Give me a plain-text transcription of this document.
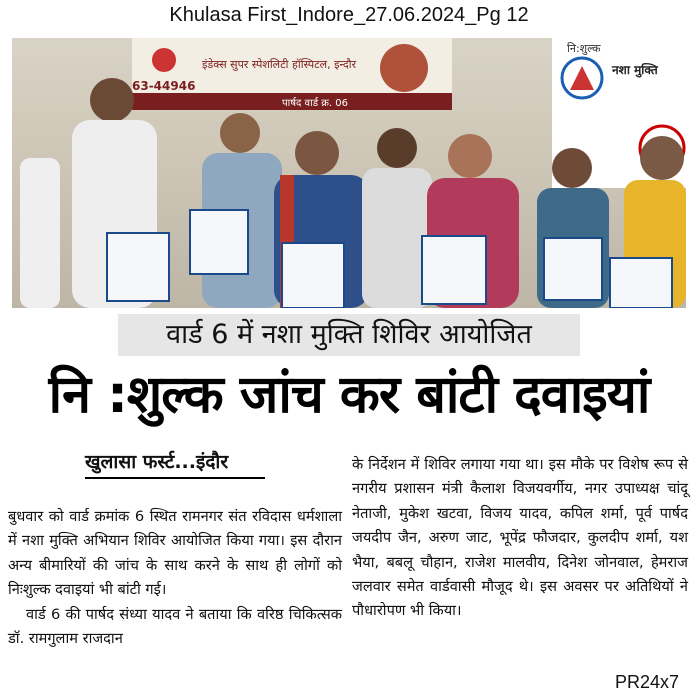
Khulasa First_Indore_27.06.2024_Pg 12
इंडेक्स सुपर स्पेशलिटी हॉस्पिटल, इन्दौर
63-44946
पार्षद वार्ड क्र. 06
नि:शुल्क
नशा मुक्ति
वार्ड 6 में नशा मुक्ति शिविर आयोजित
नि :शुल्क जांच कर बांटी दवाइयां
खुलासा फर्स्ट...इंदौर

बुधवार को वार्ड क्रमांक 6 स्थित रामनगर संत रविदास धर्मशाला में नशा मुक्ति अभियान शिविर आयोजित किया गया। इस दौरान अन्य बीमारियों की जांच के साथ करने के साथ ही लोगों को निःशुल्क दवाइयां भी बांटी गई।

वार्ड 6 की पार्षद संध्या यादव ने बताया कि वरिष्ठ चिकित्सक डॉ. रामगुलाम राजदान

के निर्देशन में शिविर लगाया गया था। इस मौके पर विशेष रूप से नगरीय प्रशासन मंत्री कैलाश विजयवर्गीय, नगर उपाध्यक्ष चांदू नेताजी, मुकेश खटवा, विजय यादव, कपिल शर्मा, पूर्व पार्षद जयदीप जैन, अरुण जाट, भूपेंद्र फौजदार, कुलदीप शर्मा, यश भैया, बबलू चौहान, राजेश मालवीय, दिनेश जोनवाल, हेमराज जलवार समेत वार्डवासी मौजूद थे। इस अवसर पर अतिथियों ने पौधारोपण भी किया।

PR24x7
